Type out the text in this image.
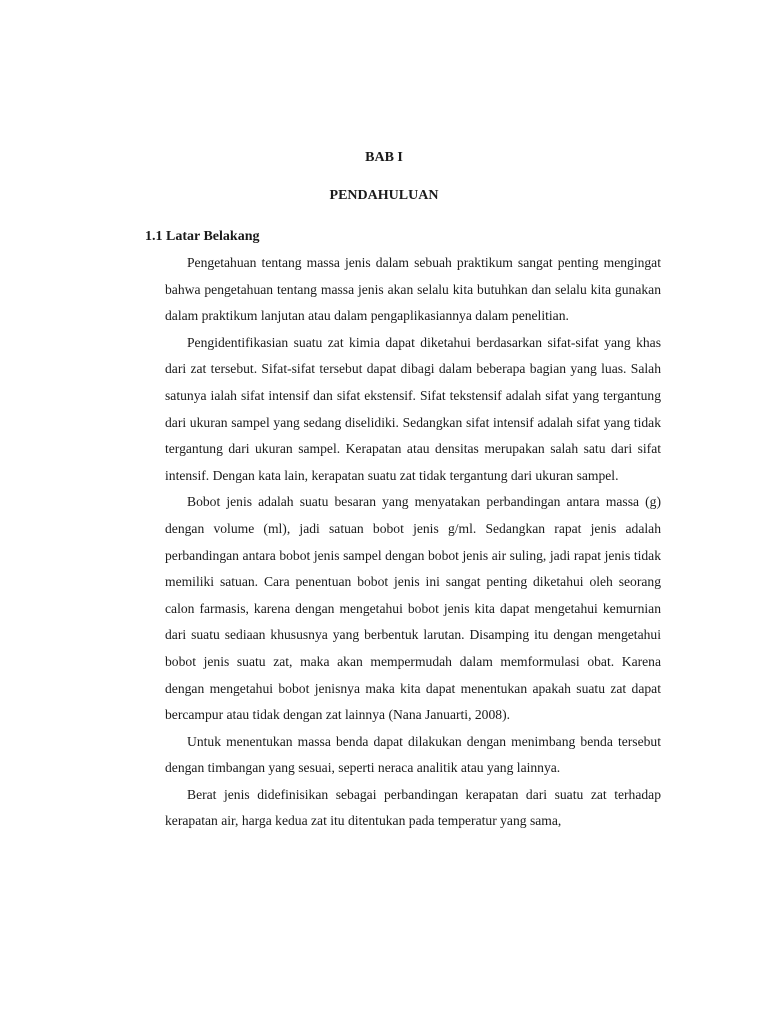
BAB I
PENDAHULUAN
1.1 Latar Belakang

Pengetahuan tentang massa jenis dalam sebuah praktikum sangat penting mengingat bahwa pengetahuan tentang massa jenis akan selalu kita butuhkan dan selalu kita gunakan dalam praktikum lanjutan atau dalam pengaplikasiannya dalam penelitian.

Pengidentifikasian suatu zat kimia dapat diketahui berdasarkan sifat-sifat yang khas dari zat tersebut. Sifat-sifat tersebut dapat dibagi dalam beberapa bagian yang luas. Salah satunya ialah sifat intensif dan sifat ekstensif. Sifat tekstensif adalah sifat yang tergantung dari ukuran sampel yang sedang diselidiki. Sedangkan sifat intensif adalah sifat yang tidak tergantung dari ukuran sampel. Kerapatan atau densitas merupakan salah satu dari sifat intensif. Dengan kata lain, kerapatan suatu zat tidak tergantung dari ukuran sampel.

Bobot jenis adalah suatu besaran yang menyatakan perbandingan antara massa (g) dengan volume (ml), jadi satuan bobot jenis g/ml. Sedangkan rapat jenis adalah perbandingan antara bobot jenis sampel dengan bobot jenis air suling, jadi rapat jenis tidak memiliki satuan. Cara penentuan bobot jenis ini sangat penting diketahui oleh seorang calon farmasis, karena dengan mengetahui bobot jenis kita dapat mengetahui kemurnian dari suatu sediaan khususnya yang berbentuk larutan. Disamping itu dengan mengetahui bobot jenis suatu zat, maka akan mempermudah dalam memformulasi obat. Karena dengan mengetahui bobot jenisnya maka kita dapat menentukan apakah suatu zat dapat bercampur atau tidak dengan zat lainnya (Nana Januarti, 2008).

Untuk menentukan massa benda dapat dilakukan dengan menimbang benda tersebut dengan timbangan yang sesuai, seperti neraca analitik atau yang lainnya.

Berat jenis didefinisikan sebagai perbandingan kerapatan dari suatu zat terhadap kerapatan air, harga kedua zat itu ditentukan pada temperatur yang sama,
